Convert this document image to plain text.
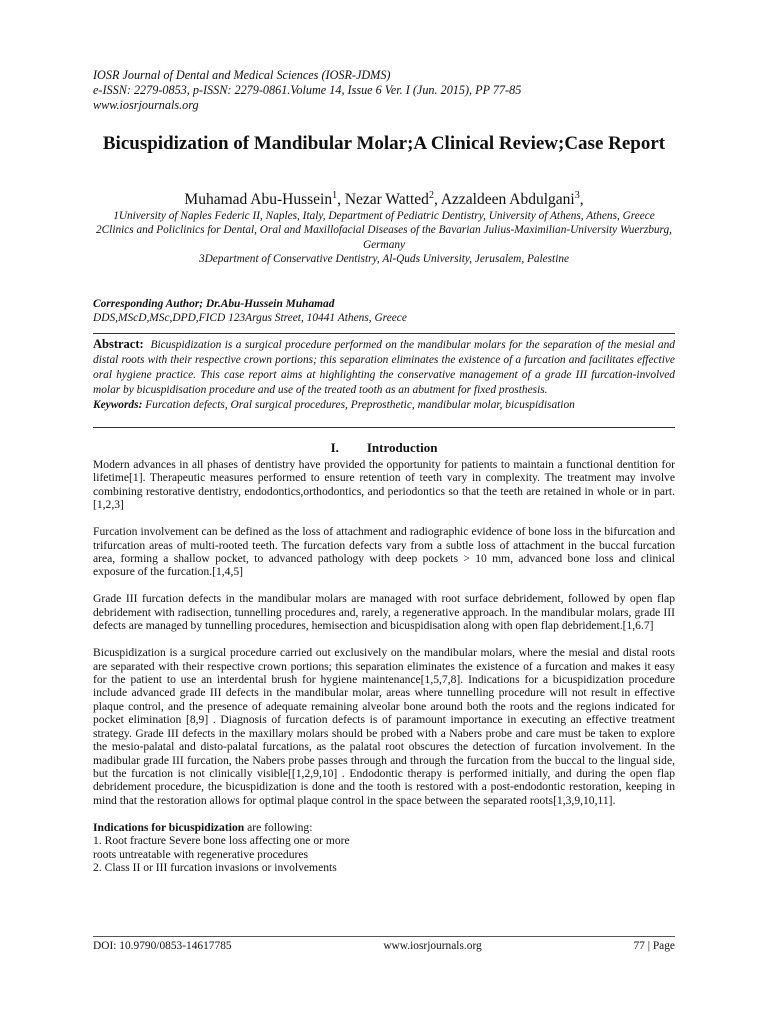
IOSR Journal of Dental and Medical Sciences (IOSR-JDMS)
e-ISSN: 2279-0853, p-ISSN: 2279-0861.Volume 14, Issue 6 Ver. I (Jun. 2015), PP 77-85
www.iosrjournals.org
Bicuspidization of Mandibular Molar;A Clinical Review;Case Report
Muhamad Abu-Hussein$^1$, Nezar Watted$^2$, Azzaldeen Abdulgani$^3$,
1University of Naples Federic II, Naples, Italy, Department of Pediatric Dentistry, University of Athens, Athens, Greece
2Clinics and Policlinics for Dental, Oral and Maxillofacial Diseases of the Bavarian Julius-Maximilian-University Wuerzburg, Germany
3Department of Conservative Dentistry, Al-Quds University, Jerusalem, Palestine
Corresponding Author; Dr.Abu-Hussein Muhamad
DDS,MScD,MSc,DPD,FICD 123Argus Street, 10441 Athens, Greece
Abstract: Bicuspidization is a surgical procedure performed on the mandibular molars for the separation of the mesial and distal roots with their respective crown portions; this separation eliminates the existence of a furcation and facilitates effective oral hygiene practice. This case report aims at highlighting the conservative management of a grade III furcation-involved molar by bicuspidisation procedure and use of the treated tooth as an abutment for fixed prosthesis.
Keywords: Furcation defects, Oral surgical procedures, Preprosthetic, mandibular molar, bicuspidisation
I. Introduction

Modern advances in all phases of dentistry have provided the opportunity for patients to maintain a functional dentition for lifetime[1]. Therapeutic measures performed to ensure retention of teeth vary in complexity. The treatment may involve combining restorative dentistry, endodontics,orthodontics, and periodontics so that the teeth are retained in whole or in part.[1,2,3]

Furcation involvement can be defined as the loss of attachment and radiographic evidence of bone loss in the bifurcation and trifurcation areas of multi-rooted teeth. The furcation defects vary from a subtle loss of attachment in the buccal furcation area, forming a shallow pocket, to advanced pathology with deep pockets > 10 mm, advanced bone loss and clinical exposure of the furcation.[1,4,5]

Grade III furcation defects in the mandibular molars are managed with root surface debridement, followed by open flap debridement with radisection, tunnelling procedures and, rarely, a regenerative approach. In the mandibular molars, grade III defects are managed by tunnelling procedures, hemisection and bicuspidisation along with open flap debridement.[1,6.7]

Bicuspidization is a surgical procedure carried out exclusively on the mandibular molars, where the mesial and distal roots are separated with their respective crown portions; this separation eliminates the existence of a furcation and makes it easy for the patient to use an interdental brush for hygiene maintenance[1,5,7,8]. Indications for a bicuspidization procedure include advanced grade III defects in the mandibular molar, areas where tunnelling procedure will not result in effective plaque control, and the presence of adequate remaining alveolar bone around both the roots and the regions indicated for pocket elimination [8,9] . Diagnosis of furcation defects is of paramount importance in executing an effective treatment strategy. Grade III defects in the maxillary molars should be probed with a Nabers probe and care must be taken to explore the mesio-palatal and disto-palatal furcations, as the palatal root obscures the detection of furcation involvement. In the madibular grade III furcation, the Nabers probe passes through and through the furcation from the buccal to the lingual side, but the furcation is not clinically visible[[1,2,9,10] . Endodontic therapy is performed initially, and during the open flap debridement procedure, the bicuspidization is done and the tooth is restored with a post-endodontic restoration, keeping in mind that the restoration allows for optimal plaque control in the space between the separated roots[1,3,9,10,11].

Indications for bicuspidization are following:
1. Root fracture Severe bone loss affecting one or more
roots untreatable with regenerative procedures
2. Class II or III furcation invasions or involvements
DOI: 10.9790/0853-14617785	www.iosrjournals.org	77 | Page
